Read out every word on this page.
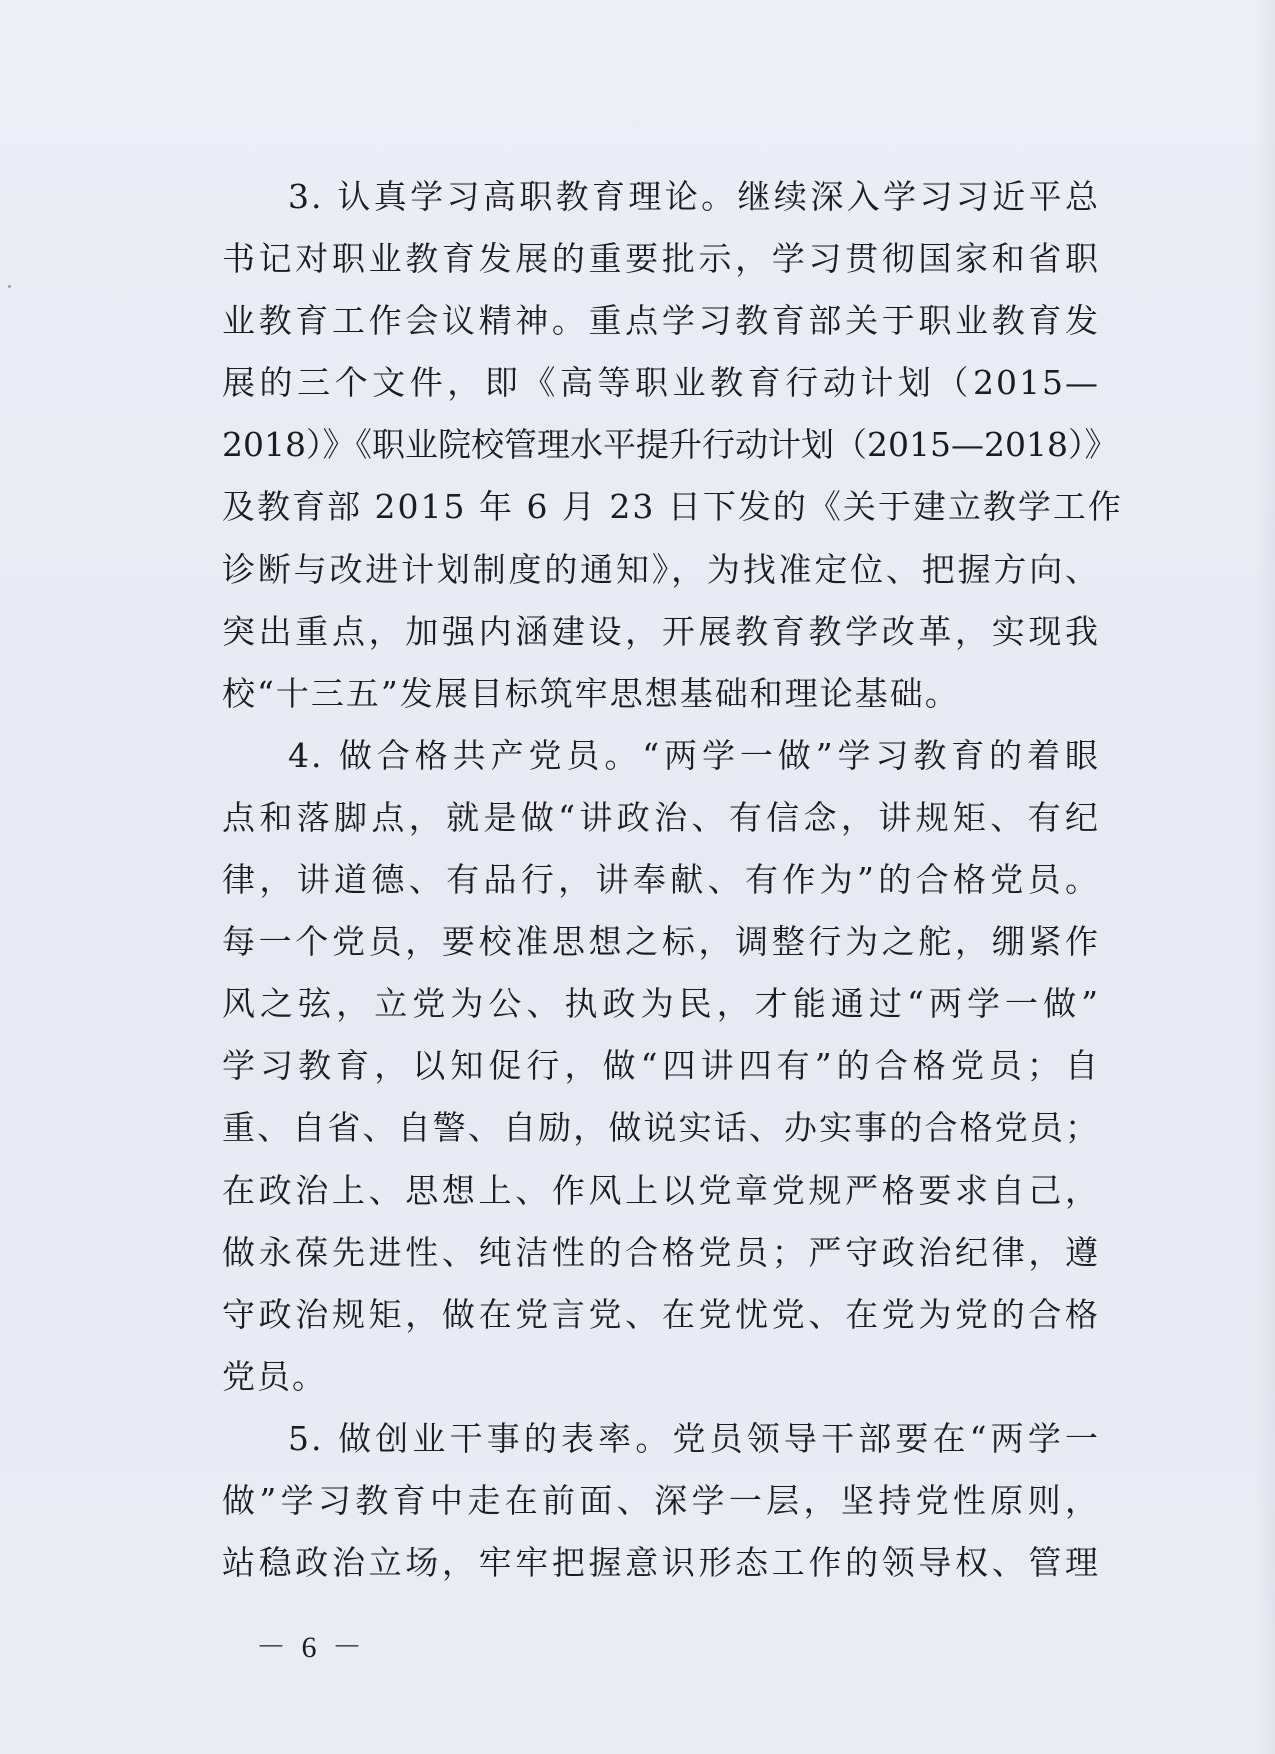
3. 认真学习高职教育理论。继续深入学习习近平总
书记对职业教育发展的重要批示，学习贯彻国家和省职
业教育工作会议精神。重点学习教育部关于职业教育发
展的三个文件，即《高等职业教育行动计划（2015—
2018）》《职业院校管理水平提升行动计划（2015—2018）》
及教育部 2015 年 6 月 23 日下发的《关于建立教学工作
诊断与改进计划制度的通知》，为找准定位、把握方向、
突出重点，加强内涵建设，开展教育教学改革，实现我
校“十三五”发展目标筑牢思想基础和理论基础。
4. 做合格共产党员。“两学一做”学习教育的着眼
点和落脚点，就是做“讲政治、有信念，讲规矩、有纪
律，讲道德、有品行，讲奉献、有作为”的合格党员。
每一个党员，要校准思想之标，调整行为之舵，绷紧作
风之弦，立党为公、执政为民，才能通过“两学一做”
学习教育，以知促行，做“四讲四有”的合格党员；自
重、自省、自警、自励，做说实话、办实事的合格党员；
在政治上、思想上、作风上以党章党规严格要求自己，
做永葆先进性、纯洁性的合格党员；严守政治纪律，遵
守政治规矩，做在党言党、在党忧党、在党为党的合格
党员。
5. 做创业干事的表率。党员领导干部要在“两学一
做”学习教育中走在前面、深学一层，坚持党性原则，
站稳政治立场，牢牢把握意识形态工作的领导权、管理
－ 6 －
